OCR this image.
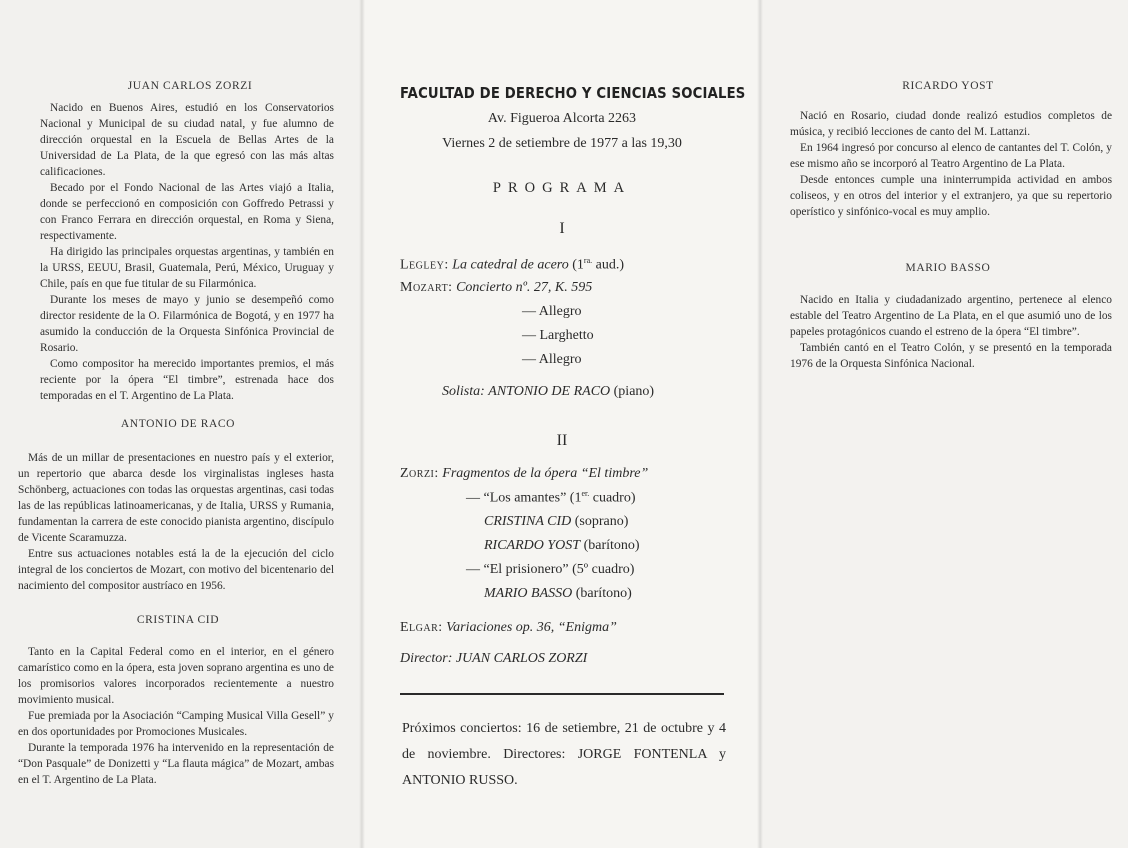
JUAN CARLOS ZORZI

Nacido en Buenos Aires, estudió en los Conservatorios Nacional y Municipal de su ciudad natal, y fue alumno de dirección orquestal en la Escuela de Bellas Artes de la Universidad de La Plata, de la que egresó con las más altas calificaciones.

Becado por el Fondo Nacional de las Artes viajó a Italia, donde se perfeccionó en composición con Goffredo Petrassi y con Franco Ferrara en dirección orquestal, en Roma y Siena, respectivamente.

Ha dirigido las principales orquestas argentinas, y también en la URSS, EEUU, Brasil, Guatemala, Perú, México, Uruguay y Chile, país en que fue titular de su Filarmónica.

Durante los meses de mayo y junio se desempeñó como director residente de la O. Filarmónica de Bogotá, y en 1977 ha asumido la conducción de la Orquesta Sinfónica Provincial de Rosario.

Como compositor ha merecido importantes premios, el más reciente por la ópera “El timbre”, estrenada hace dos temporadas en el T. Argentino de La Plata.

ANTONIO DE RACO

Más de un millar de presentaciones en nuestro país y el exterior, un repertorio que abarca desde los virginalistas ingleses hasta Schönberg, actuaciones con todas las orquestas argentinas, casi todas las de las repúblicas latinoamericanas, y de Italia, URSS y Rumania, fundamentan la carrera de este conocido pianista argentino, discípulo de Vicente Scaramuzza.

Entre sus actuaciones notables está la de la ejecución del ciclo integral de los conciertos de Mozart, con motivo del bicentenario del nacimiento del compositor austríaco en 1956.

CRISTINA CID

Tanto en la Capital Federal como en el interior, en el género camarístico como en la ópera, esta joven soprano argentina es uno de los promisorios valores incorporados recientemente a nuestro movimiento musical.

Fue premiada por la Asociación “Camping Musical Villa Gesell” y en dos oportunidades por Promociones Musicales.

Durante la temporada 1976 ha intervenido en la representación de “Don Pasquale” de Donizetti y “La flauta mágica” de Mozart, ambas en el T. Argentino de La Plata.

FACULTAD DE DERECHO Y CIENCIAS SOCIALES
Av. Figueroa Alcorta 2263
Viernes 2 de setiembre de 1977 a las 19,30
PROGRAMA
I
Legley: La catedral de acero ($1^{ra.}$ aud.)
Mozart: Concierto nº. 27, K. 595
— Allegro
— Larghetto
— Allegro
Solista: ANTONIO DE RACO (piano)
II
Zorzi: Fragmentos de la ópera “El timbre”
— “Los amantes” ($1^{er.}$ cuadro)
CRISTINA CID (soprano)
RICARDO YOST (barítono)
— “El prisionero” (5º cuadro)
MARIO BASSO (barítono)
Elgar: Variaciones op. 36, “Enigma”
Director: JUAN CARLOS ZORZI
Próximos conciertos: 16 de setiembre, 21 de octubre y 4 de noviembre. Directores: JORGE FONTENLA y ANTONIO RUSSO.
RICARDO YOST

Nació en Rosario, ciudad donde realizó estudios completos de música, y recibió lecciones de canto del M. Lattanzi.

En 1964 ingresó por concurso al elenco de cantantes del T. Colón, y ese mismo año se incorporó al Teatro Argentino de La Plata.

Desde entonces cumple una ininterrumpida actividad en ambos coliseos, y en otros del interior y el extranjero, ya que su repertorio operístico y sinfónico-vocal es muy amplio.

MARIO BASSO

Nacido en Italia y ciudadanizado argentino, pertenece al elenco estable del Teatro Argentino de La Plata, en el que asumió uno de los papeles protagónicos cuando el estreno de la ópera “El timbre”.

También cantó en el Teatro Colón, y se presentó en la temporada 1976 de la Orquesta Sinfónica Nacional.
